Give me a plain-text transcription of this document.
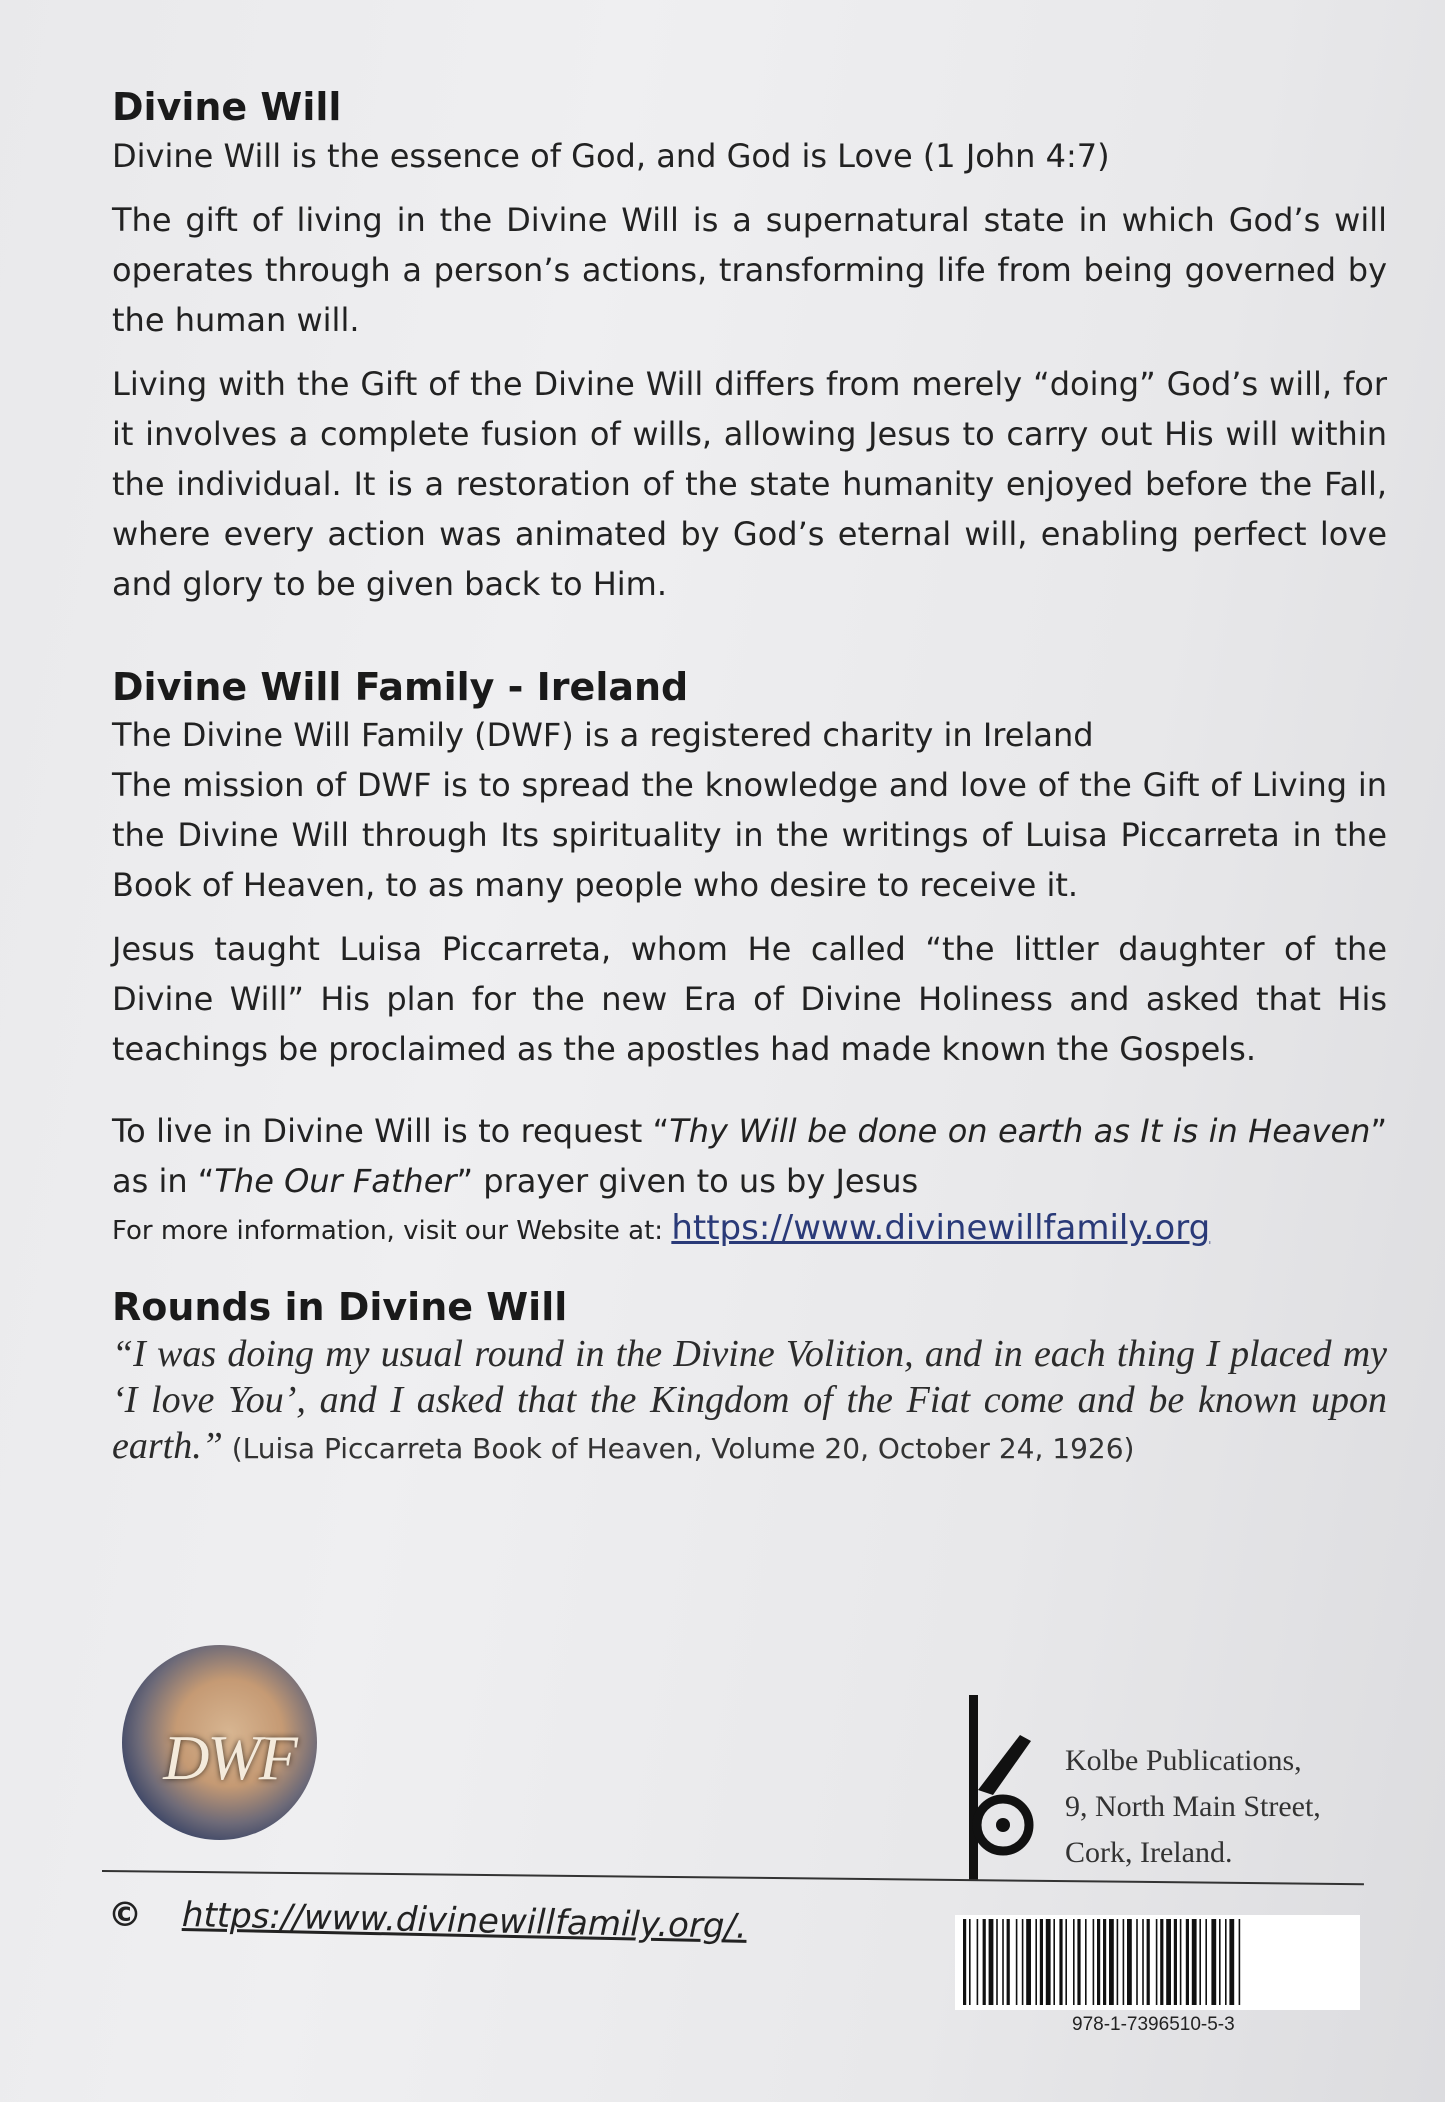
Divine Will

Divine Will is the essence of God, and God is Love (1 John 4:7)

The gift of living in the Divine Will is a supernatural state in which God’s will operates through a person’s actions, transforming life from being governed by the human will.

Living with the Gift of the Divine Will differs from merely “doing” God’s will, for it involves a complete fusion of wills, allowing Jesus to carry out His will within the individual. It is a restoration of the state humanity enjoyed before the Fall, where every action was animated by God’s eternal will, enabling perfect love and glory to be given back to Him.

Divine Will Family - Ireland

The Divine Will Family (DWF) is a registered charity in Ireland

The mission of DWF is to spread the knowledge and love of the Gift of Living in the Divine Will through Its spirituality in the writings of Luisa Piccarreta in the Book of Heaven, to as many people who desire to receive it.

Jesus taught Luisa Piccarreta, whom He called “the littler daughter of the Divine Will” His plan for the new Era of Divine Holiness and asked that His teachings be proclaimed as the apostles had made known the Gospels.

To live in Divine Will is to request “Thy Will be done on earth as It is in Heaven” as in “The Our Father” prayer given to us by Jesus

For more information, visit our Website at: https://www.divinewillfamily.org

Rounds in Divine Will

“I was doing my usual round in the Divine Volition, and in each thing I placed my ‘I love You’, and I asked that the Kingdom of the Fiat come and be known upon earth.” (Luisa Piccarreta Book of Heaven, Volume 20, October 24, 1926)

DWF	Kolbe Publications,
9, North Main Street,
Cork, Ireland.
© https://www.divinewillfamily.org/.
978-1-7396510-5-3
